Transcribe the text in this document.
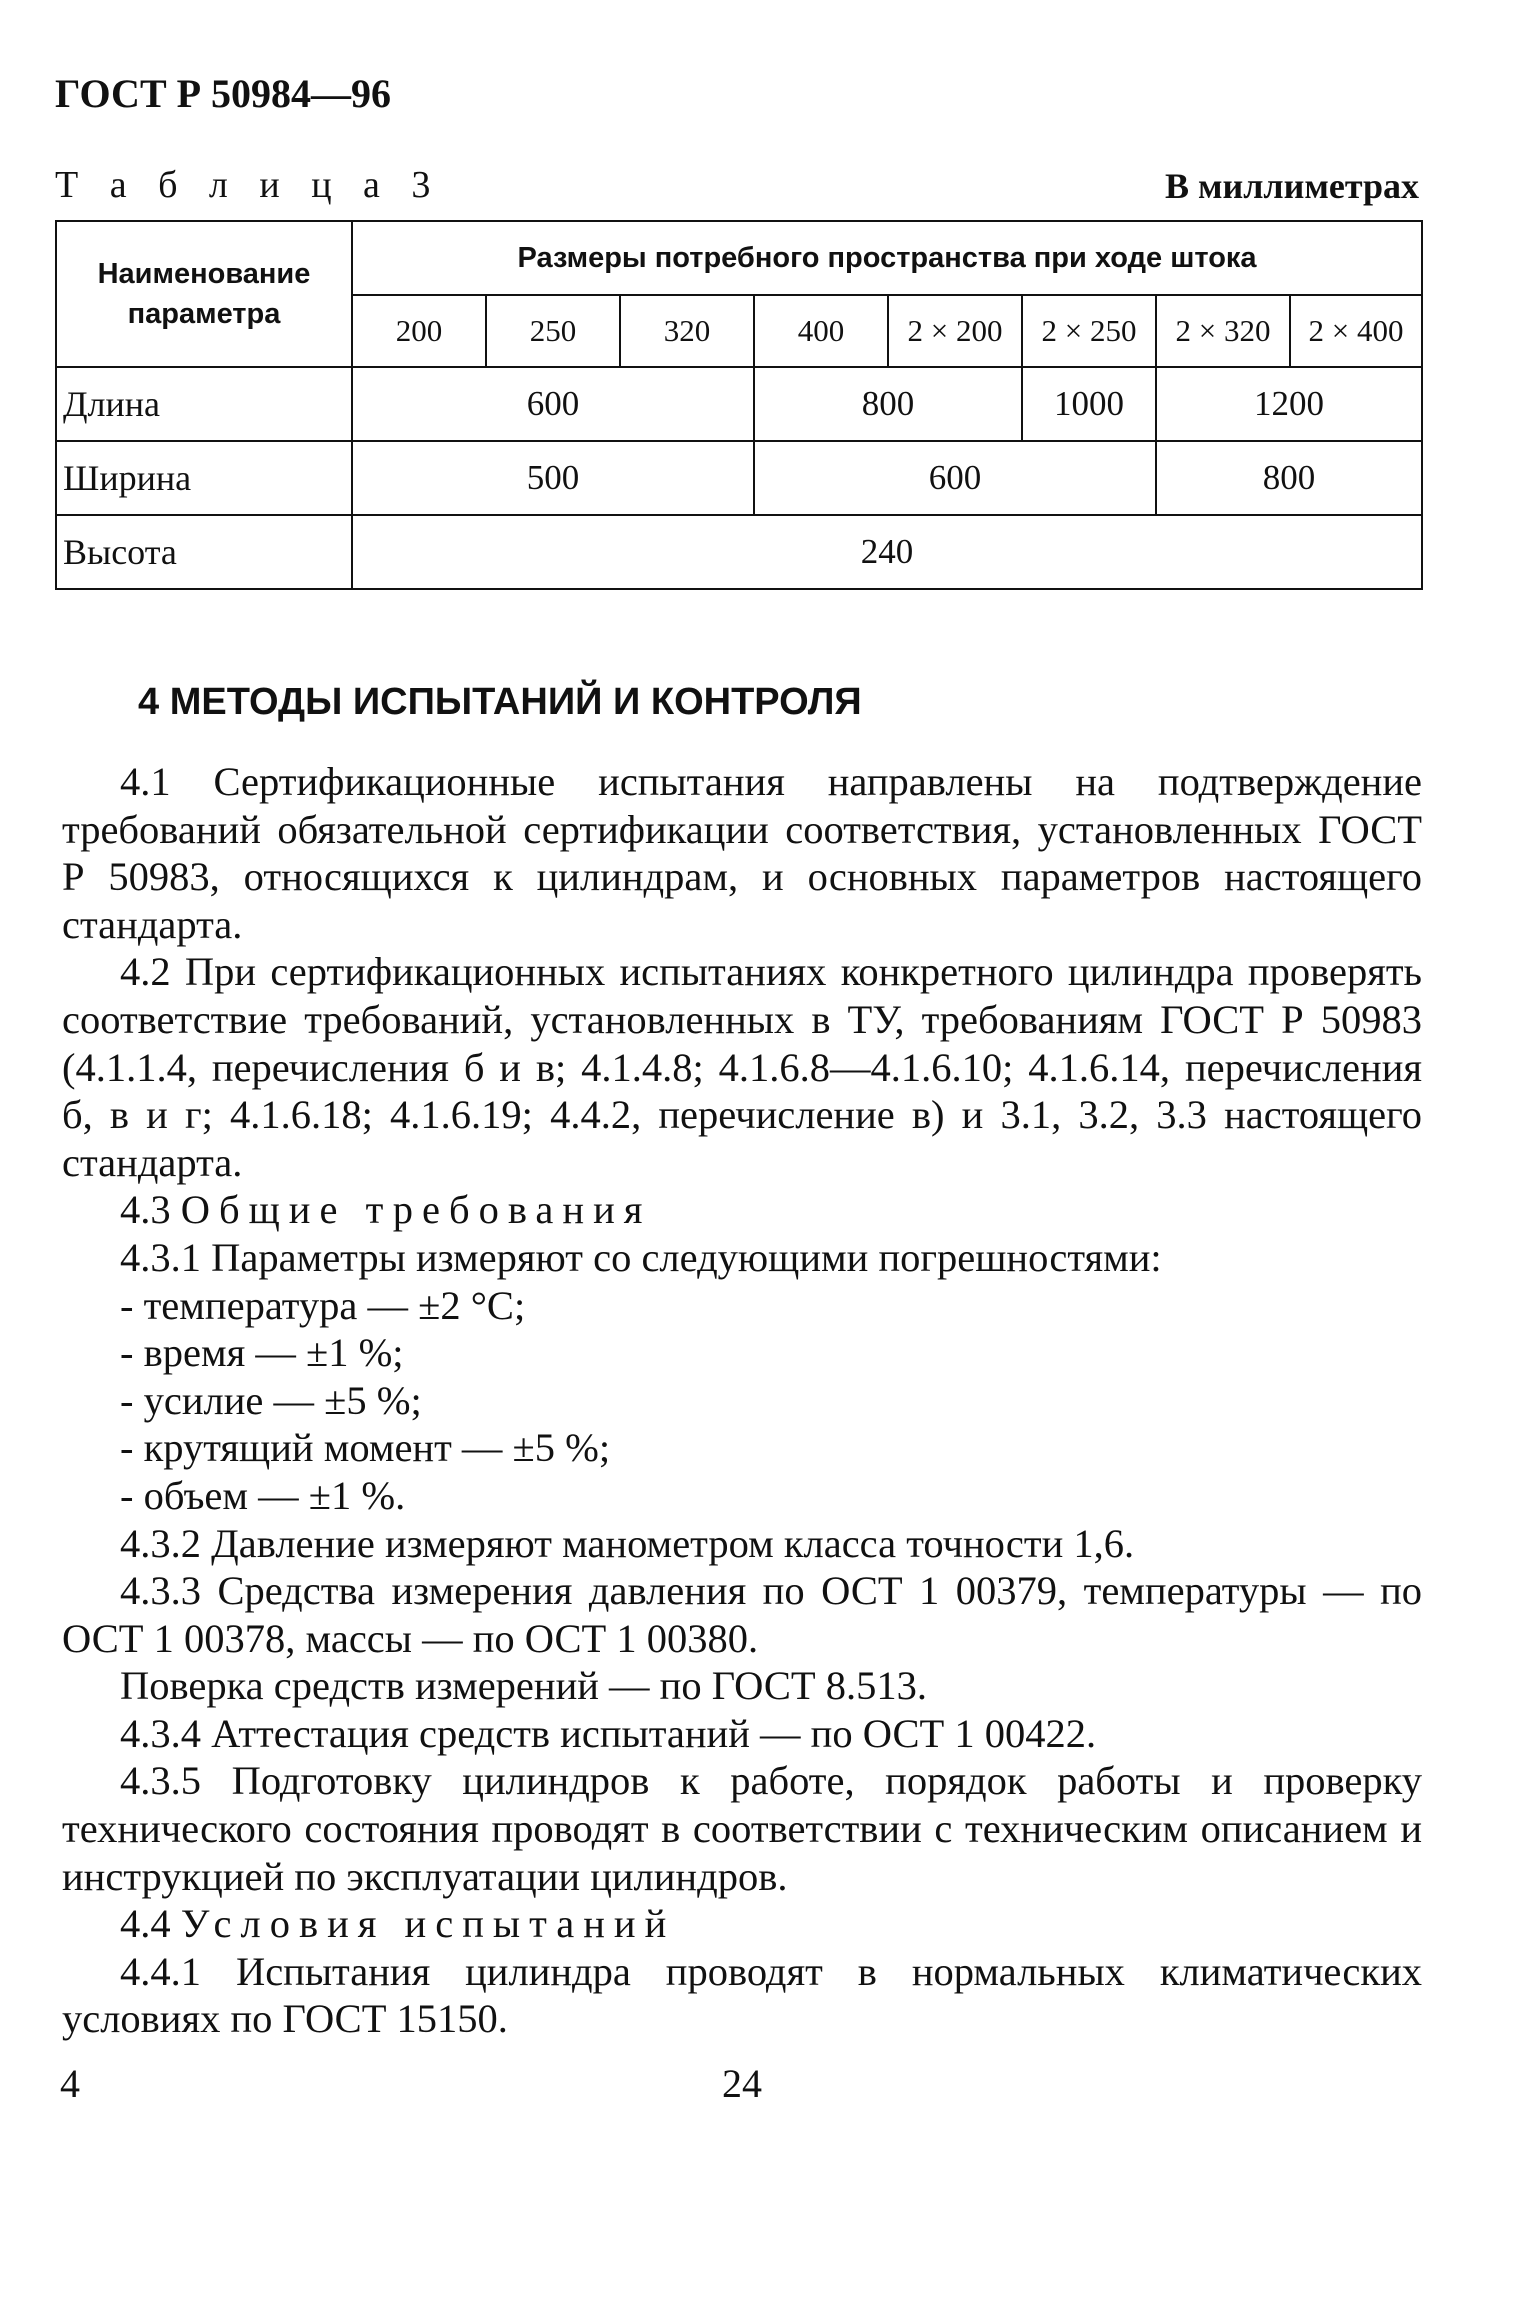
ГОСТ Р 50984—96
Т а б л и ц а 3	В миллиметрах
Наименование параметра	Размеры потребного пространства при ходе штока							
	200	250	320	400	2 × 200	2 × 250	2 × 320	2 × 400
Длина	600			800		1000	1200	
Ширина	500			600			800	
Высота	240							
4 МЕТОДЫ ИСПЫТАНИЙ И КОНТРОЛЯ

4.1 Сертификационные испытания направлены на подтверждение требований обязательной сертификации соответствия, установленных ГОСТ Р 50983, относящихся к цилиндрам, и основных параметров настоящего стандарта.

4.2 При сертификационных испытаниях конкретного цилиндра проверять соответствие требований, установленных в ТУ, требованиям ГОСТ Р 50983 (4.1.1.4, перечисления б и в; 4.1.4.8; 4.1.6.8—4.1.6.10; 4.1.6.14, перечисления б, в и г; 4.1.6.18; 4.1.6.19; 4.4.2, перечисление в) и 3.1, 3.2, 3.3 настоящего стандарта.

4.3 Общие требования

4.3.1 Параметры измеряют со следующими погрешностями:

- температура — ±2 °С;

- время — ±1 %;

- усилие — ±5 %;

- крутящий момент — ±5 %;

- объем — ±1 %.

4.3.2 Давление измеряют манометром класса точности 1,6.

4.3.3 Средства измерения давления по ОСТ 1 00379, температуры — по ОСТ 1 00378, массы — по ОСТ 1 00380.

Поверка средств измерений — по ГОСТ 8.513.

4.3.4 Аттестация средств испытаний — по ОСТ 1 00422.

4.3.5 Подготовку цилиндров к работе, порядок работы и проверку технического состояния проводят в соответствии с техническим описанием и инструкцией по эксплуатации цилиндров.

4.4 Условия испытаний

4.4.1 Испытания цилиндра проводят в нормальных климатических условиях по ГОСТ 15150.

4	24
